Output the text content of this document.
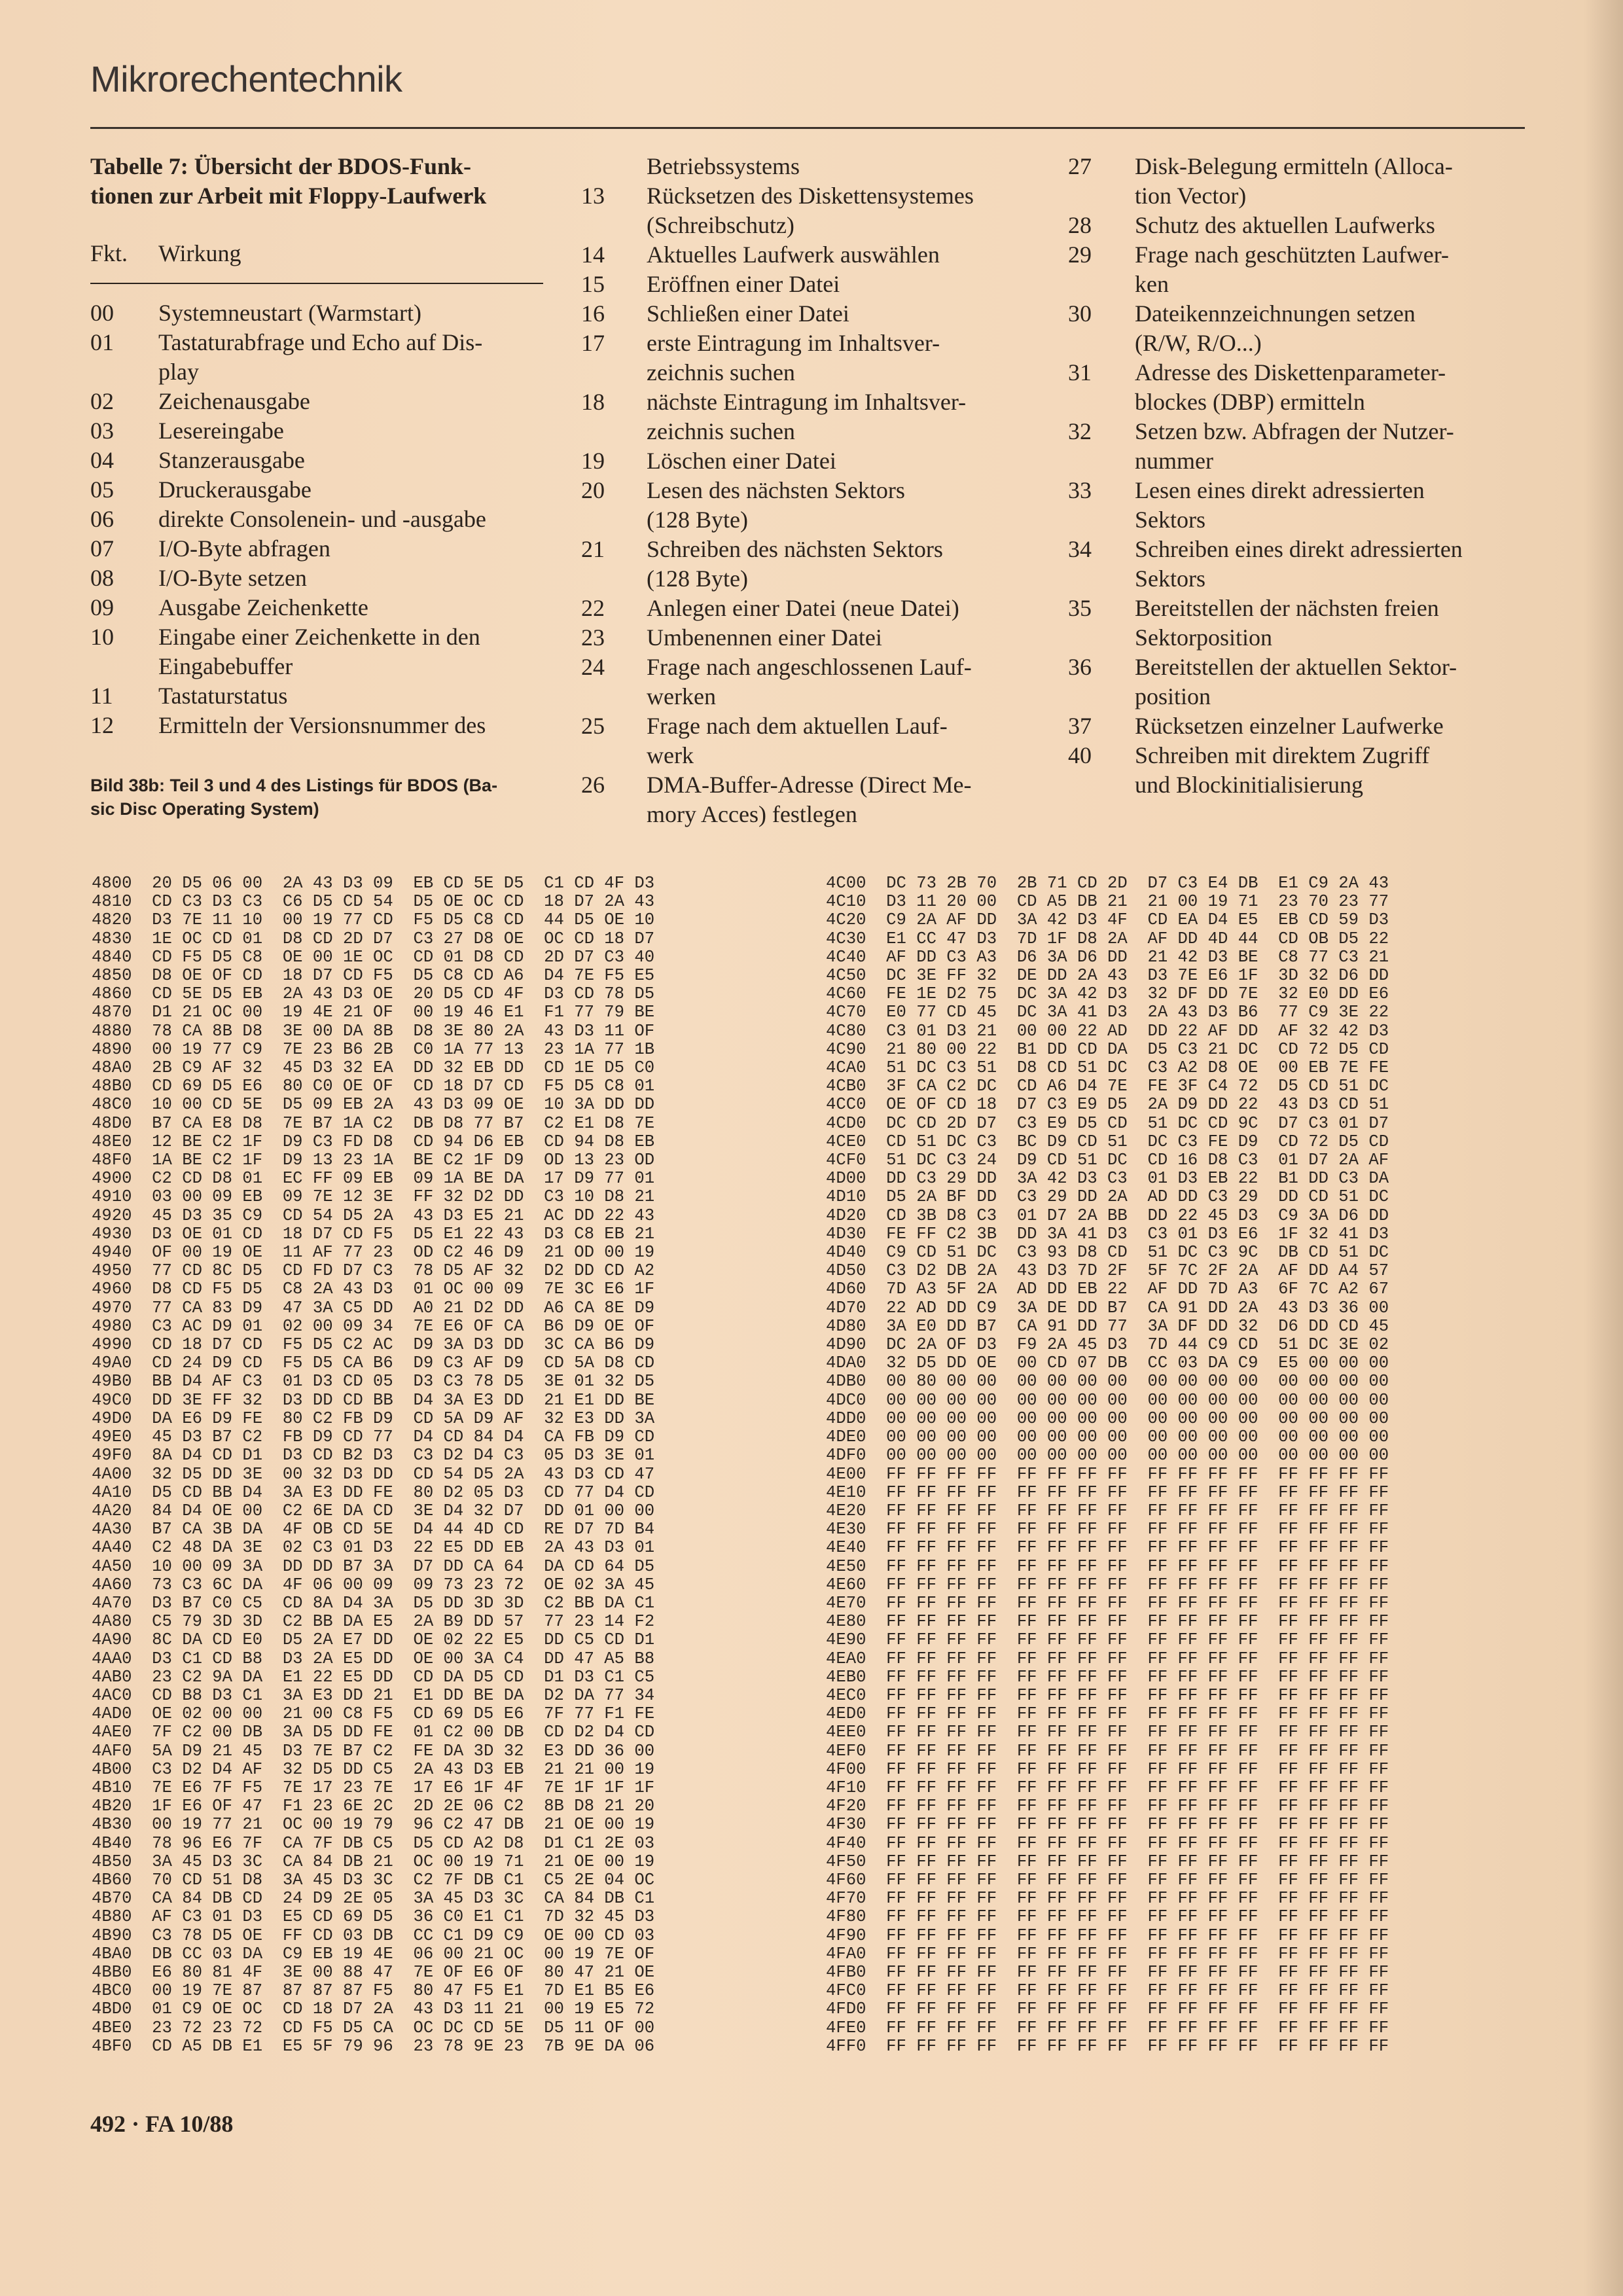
Mikrorechentechnik
Tabelle 7: Übersicht der BDOS-Funk-
tionen zur Arbeit mit Floppy-Laufwerk
Fkt. Wirkung
00	Systemneustart (Warmstart)
01	Tastaturabfrage und Echo auf Dis-
play
02	Zeichenausgabe
03	Lesereingabe
04	Stanzerausgabe
05	Druckerausgabe
06	direkte Consolenein- und -ausgabe
07	I/O-Byte abfragen
08	I/O-Byte setzen
09	Ausgabe Zeichenkette
10	Eingabe einer Zeichenkette in den
Eingabebuffer
11	Tastaturstatus
12	Ermitteln der Versionsnummer des
Betriebssystems
13	Rücksetzen des Diskettensystemes
(Schreibschutz)
14	Aktuelles Laufwerk auswählen
15	Eröffnen einer Datei
16	Schließen einer Datei
17	erste Eintragung im Inhaltsver-
zeichnis suchen
18	nächste Eintragung im Inhaltsver-
zeichnis suchen
19	Löschen einer Datei
20	Lesen des nächsten Sektors
(128 Byte)
21	Schreiben des nächsten Sektors
(128 Byte)
22	Anlegen einer Datei (neue Datei)
23	Umbenennen einer Datei
24	Frage nach angeschlossenen Lauf-
werken
25	Frage nach dem aktuellen Lauf-
werk
26	DMA-Buffer-Adresse (Direct Me-
mory Acces) festlegen
27	Disk-Belegung ermitteln (Alloca-
tion Vector)
28	Schutz des aktuellen Laufwerks
29	Frage nach geschützten Laufwer-
ken
30	Dateikennzeichnungen setzen
(R/W, R/O...)
31	Adresse des Diskettenparameter-
blockes (DBP) ermitteln
32	Setzen bzw. Abfragen der Nutzer-
nummer
33	Lesen eines direkt adressierten
Sektors
34	Schreiben eines direkt adressierten
Sektors
35	Bereitstellen der nächsten freien
Sektorposition
36	Bereitstellen der aktuellen Sektor-
position
37	Rücksetzen einzelner Laufwerke
40	Schreiben mit direktem Zugriff
und Blockinitialisierung
Bild 38b: Teil 3 und 4 des Listings für BDOS (Ba-
sic Disc Operating System)
4800  20 D5 06 00  2A 43 D3 09  EB CD 5E D5  C1 CD 4F D3
4810  CD C3 D3 C3  C6 D5 CD 54  D5 OE OC CD  18 D7 2A 43
4820  D3 7E 11 10  00 19 77 CD  F5 D5 C8 CD  44 D5 OE 10
4830  1E OC CD 01  D8 CD 2D D7  C3 27 D8 OE  OC CD 18 D7
4840  CD F5 D5 C8  OE 00 1E OC  CD 01 D8 CD  2D D7 C3 40
4850  D8 OE OF CD  18 D7 CD F5  D5 C8 CD A6  D4 7E F5 E5
4860  CD 5E D5 EB  2A 43 D3 OE  20 D5 CD 4F  D3 CD 78 D5
4870  D1 21 OC 00  19 4E 21 OF  00 19 46 E1  F1 77 79 BE
4880  78 CA 8B D8  3E 00 DA 8B  D8 3E 80 2A  43 D3 11 OF
4890  00 19 77 C9  7E 23 B6 2B  C0 1A 77 13  23 1A 77 1B
48A0  2B C9 AF 32  45 D3 32 EA  DD 32 EB DD  CD 1E D5 C0
48B0  CD 69 D5 E6  80 C0 OE OF  CD 18 D7 CD  F5 D5 C8 01
48C0  10 00 CD 5E  D5 09 EB 2A  43 D3 09 OE  10 3A DD DD
48D0  B7 CA E8 D8  7E B7 1A C2  DB D8 77 B7  C2 E1 D8 7E
48E0  12 BE C2 1F  D9 C3 FD D8  CD 94 D6 EB  CD 94 D8 EB
48F0  1A BE C2 1F  D9 13 23 1A  BE C2 1F D9  OD 13 23 OD
4900  C2 CD D8 01  EC FF 09 EB  09 1A BE DA  17 D9 77 01
4910  03 00 09 EB  09 7E 12 3E  FF 32 D2 DD  C3 10 D8 21
4920  45 D3 35 C9  CD 54 D5 2A  43 D3 E5 21  AC DD 22 43
4930  D3 OE 01 CD  18 D7 CD F5  D5 E1 22 43  D3 C8 EB 21
4940  OF 00 19 OE  11 AF 77 23  OD C2 46 D9  21 OD 00 19
4950  77 CD 8C D5  CD FD D7 C3  78 D5 AF 32  D2 DD CD A2
4960  D8 CD F5 D5  C8 2A 43 D3  01 OC 00 09  7E 3C E6 1F
4970  77 CA 83 D9  47 3A C5 DD  A0 21 D2 DD  A6 CA 8E D9
4980  C3 AC D9 01  02 00 09 34  7E E6 OF CA  B6 D9 OE OF
4990  CD 18 D7 CD  F5 D5 C2 AC  D9 3A D3 DD  3C CA B6 D9
49A0  CD 24 D9 CD  F5 D5 CA B6  D9 C3 AF D9  CD 5A D8 CD
49B0  BB D4 AF C3  01 D3 CD 05  D3 C3 78 D5  3E 01 32 D5
49C0  DD 3E FF 32  D3 DD CD BB  D4 3A E3 DD  21 E1 DD BE
49D0  DA E6 D9 FE  80 C2 FB D9  CD 5A D9 AF  32 E3 DD 3A
49E0  45 D3 B7 C2  FB D9 CD 77  D4 CD 84 D4  CA FB D9 CD
49F0  8A D4 CD D1  D3 CD B2 D3  C3 D2 D4 C3  05 D3 3E 01
4A00  32 D5 DD 3E  00 32 D3 DD  CD 54 D5 2A  43 D3 CD 47
4A10  D5 CD BB D4  3A E3 DD FE  80 D2 05 D3  CD 77 D4 CD
4A20  84 D4 OE 00  C2 6E DA CD  3E D4 32 D7  DD 01 00 00
4A30  B7 CA 3B DA  4F OB CD 5E  D4 44 4D CD  RE D7 7D B4
4A40  C2 48 DA 3E  02 C3 01 D3  22 E5 DD EB  2A 43 D3 01
4A50  10 00 09 3A  DD DD B7 3A  D7 DD CA 64  DA CD 64 D5
4A60  73 C3 6C DA  4F 06 00 09  09 73 23 72  OE 02 3A 45
4A70  D3 B7 C0 C5  CD 8A D4 3A  D5 DD 3D 3D  C2 BB DA C1
4A80  C5 79 3D 3D  C2 BB DA E5  2A B9 DD 57  77 23 14 F2
4A90  8C DA CD E0  D5 2A E7 DD  OE 02 22 E5  DD C5 CD D1
4AA0  D3 C1 CD B8  D3 2A E5 DD  OE 00 3A C4  DD 47 A5 B8
4AB0  23 C2 9A DA  E1 22 E5 DD  CD DA D5 CD  D1 D3 C1 C5
4AC0  CD B8 D3 C1  3A E3 DD 21  E1 DD BE DA  D2 DA 77 34
4AD0  OE 02 00 00  21 00 C8 F5  CD 69 D5 E6  7F 77 F1 FE
4AE0  7F C2 00 DB  3A D5 DD FE  01 C2 00 DB  CD D2 D4 CD
4AF0  5A D9 21 45  D3 7E B7 C2  FE DA 3D 32  E3 DD 36 00
4B00  C3 D2 D4 AF  32 D5 DD C5  2A 43 D3 EB  21 21 00 19
4B10  7E E6 7F F5  7E 17 23 7E  17 E6 1F 4F  7E 1F 1F 1F
4B20  1F E6 OF 47  F1 23 6E 2C  2D 2E 06 C2  8B D8 21 20
4B30  00 19 77 21  OC 00 19 79  96 C2 47 DB  21 OE 00 19
4B40  78 96 E6 7F  CA 7F DB C5  D5 CD A2 D8  D1 C1 2E 03
4B50  3A 45 D3 3C  CA 84 DB 21  OC 00 19 71  21 OE 00 19
4B60  70 CD 51 D8  3A 45 D3 3C  C2 7F DB C1  C5 2E 04 OC
4B70  CA 84 DB CD  24 D9 2E 05  3A 45 D3 3C  CA 84 DB C1
4B80  AF C3 01 D3  E5 CD 69 D5  36 C0 E1 C1  7D 32 45 D3
4B90  C3 78 D5 OE  FF CD 03 DB  CC C1 D9 C9  OE 00 CD 03
4BA0  DB CC 03 DA  C9 EB 19 4E  06 00 21 OC  00 19 7E OF
4BB0  E6 80 81 4F  3E 00 88 47  7E OF E6 OF  80 47 21 OE
4BC0  00 19 7E 87  87 87 87 F5  80 47 F5 E1  7D E1 B5 E6
4BD0  01 C9 OE OC  CD 18 D7 2A  43 D3 11 21  00 19 E5 72
4BE0  23 72 23 72  CD F5 D5 CA  OC DC CD 5E  D5 11 OF 00
4BF0  CD A5 DB E1  E5 5F 79 96  23 78 9E 23  7B 9E DA 06
4C00  DC 73 2B 70  2B 71 CD 2D  D7 C3 E4 DB  E1 C9 2A 43
4C10  D3 11 20 00  CD A5 DB 21  21 00 19 71  23 70 23 77
4C20  C9 2A AF DD  3A 42 D3 4F  CD EA D4 E5  EB CD 59 D3
4C30  E1 CC 47 D3  7D 1F D8 2A  AF DD 4D 44  CD OB D5 22
4C40  AF DD C3 A3  D6 3A D6 DD  21 42 D3 BE  C8 77 C3 21
4C50  DC 3E FF 32  DE DD 2A 43  D3 7E E6 1F  3D 32 D6 DD
4C60  FE 1E D2 75  DC 3A 42 D3  32 DF DD 7E  32 E0 DD E6
4C70  E0 77 CD 45  DC 3A 41 D3  2A 43 D3 B6  77 C9 3E 22
4C80  C3 01 D3 21  00 00 22 AD  DD 22 AF DD  AF 32 42 D3
4C90  21 80 00 22  B1 DD CD DA  D5 C3 21 DC  CD 72 D5 CD
4CA0  51 DC C3 51  D8 CD 51 DC  C3 A2 D8 OE  00 EB 7E FE
4CB0  3F CA C2 DC  CD A6 D4 7E  FE 3F C4 72  D5 CD 51 DC
4CC0  OE OF CD 18  D7 C3 E9 D5  2A D9 DD 22  43 D3 CD 51
4CD0  DC CD 2D D7  C3 E9 D5 CD  51 DC CD 9C  D7 C3 01 D7
4CE0  CD 51 DC C3  BC D9 CD 51  DC C3 FE D9  CD 72 D5 CD
4CF0  51 DC C3 24  D9 CD 51 DC  CD 16 D8 C3  01 D7 2A AF
4D00  DD C3 29 DD  3A 42 D3 C3  01 D3 EB 22  B1 DD C3 DA
4D10  D5 2A BF DD  C3 29 DD 2A  AD DD C3 29  DD CD 51 DC
4D20  CD 3B D8 C3  01 D7 2A BB  DD 22 45 D3  C9 3A D6 DD
4D30  FE FF C2 3B  DD 3A 41 D3  C3 01 D3 E6  1F 32 41 D3
4D40  C9 CD 51 DC  C3 93 D8 CD  51 DC C3 9C  DB CD 51 DC
4D50  C3 D2 DB 2A  43 D3 7D 2F  5F 7C 2F 2A  AF DD A4 57
4D60  7D A3 5F 2A  AD DD EB 22  AF DD 7D A3  6F 7C A2 67
4D70  22 AD DD C9  3A DE DD B7  CA 91 DD 2A  43 D3 36 00
4D80  3A E0 DD B7  CA 91 DD 77  3A DF DD 32  D6 DD CD 45
4D90  DC 2A OF D3  F9 2A 45 D3  7D 44 C9 CD  51 DC 3E 02
4DA0  32 D5 DD OE  00 CD 07 DB  CC 03 DA C9  E5 00 00 00
4DB0  00 80 00 00  00 00 00 00  00 00 00 00  00 00 00 00
4DC0  00 00 00 00  00 00 00 00  00 00 00 00  00 00 00 00
4DD0  00 00 00 00  00 00 00 00  00 00 00 00  00 00 00 00
4DE0  00 00 00 00  00 00 00 00  00 00 00 00  00 00 00 00
4DF0  00 00 00 00  00 00 00 00  00 00 00 00  00 00 00 00
4E00  FF FF FF FF  FF FF FF FF  FF FF FF FF  FF FF FF FF
4E10  FF FF FF FF  FF FF FF FF  FF FF FF FF  FF FF FF FF
4E20  FF FF FF FF  FF FF FF FF  FF FF FF FF  FF FF FF FF
4E30  FF FF FF FF  FF FF FF FF  FF FF FF FF  FF FF FF FF
4E40  FF FF FF FF  FF FF FF FF  FF FF FF FF  FF FF FF FF
4E50  FF FF FF FF  FF FF FF FF  FF FF FF FF  FF FF FF FF
4E60  FF FF FF FF  FF FF FF FF  FF FF FF FF  FF FF FF FF
4E70  FF FF FF FF  FF FF FF FF  FF FF FF FF  FF FF FF FF
4E80  FF FF FF FF  FF FF FF FF  FF FF FF FF  FF FF FF FF
4E90  FF FF FF FF  FF FF FF FF  FF FF FF FF  FF FF FF FF
4EA0  FF FF FF FF  FF FF FF FF  FF FF FF FF  FF FF FF FF
4EB0  FF FF FF FF  FF FF FF FF  FF FF FF FF  FF FF FF FF
4EC0  FF FF FF FF  FF FF FF FF  FF FF FF FF  FF FF FF FF
4ED0  FF FF FF FF  FF FF FF FF  FF FF FF FF  FF FF FF FF
4EE0  FF FF FF FF  FF FF FF FF  FF FF FF FF  FF FF FF FF
4EF0  FF FF FF FF  FF FF FF FF  FF FF FF FF  FF FF FF FF
4F00  FF FF FF FF  FF FF FF FF  FF FF FF FF  FF FF FF FF
4F10  FF FF FF FF  FF FF FF FF  FF FF FF FF  FF FF FF FF
4F20  FF FF FF FF  FF FF FF FF  FF FF FF FF  FF FF FF FF
4F30  FF FF FF FF  FF FF FF FF  FF FF FF FF  FF FF FF FF
4F40  FF FF FF FF  FF FF FF FF  FF FF FF FF  FF FF FF FF
4F50  FF FF FF FF  FF FF FF FF  FF FF FF FF  FF FF FF FF
4F60  FF FF FF FF  FF FF FF FF  FF FF FF FF  FF FF FF FF
4F70  FF FF FF FF  FF FF FF FF  FF FF FF FF  FF FF FF FF
4F80  FF FF FF FF  FF FF FF FF  FF FF FF FF  FF FF FF FF
4F90  FF FF FF FF  FF FF FF FF  FF FF FF FF  FF FF FF FF
4FA0  FF FF FF FF  FF FF FF FF  FF FF FF FF  FF FF FF FF
4FB0  FF FF FF FF  FF FF FF FF  FF FF FF FF  FF FF FF FF
4FC0  FF FF FF FF  FF FF FF FF  FF FF FF FF  FF FF FF FF
4FD0  FF FF FF FF  FF FF FF FF  FF FF FF FF  FF FF FF FF
4FE0  FF FF FF FF  FF FF FF FF  FF FF FF FF  FF FF FF FF
4FF0  FF FF FF FF  FF FF FF FF  FF FF FF FF  FF FF FF FF
492 · FA 10/88
